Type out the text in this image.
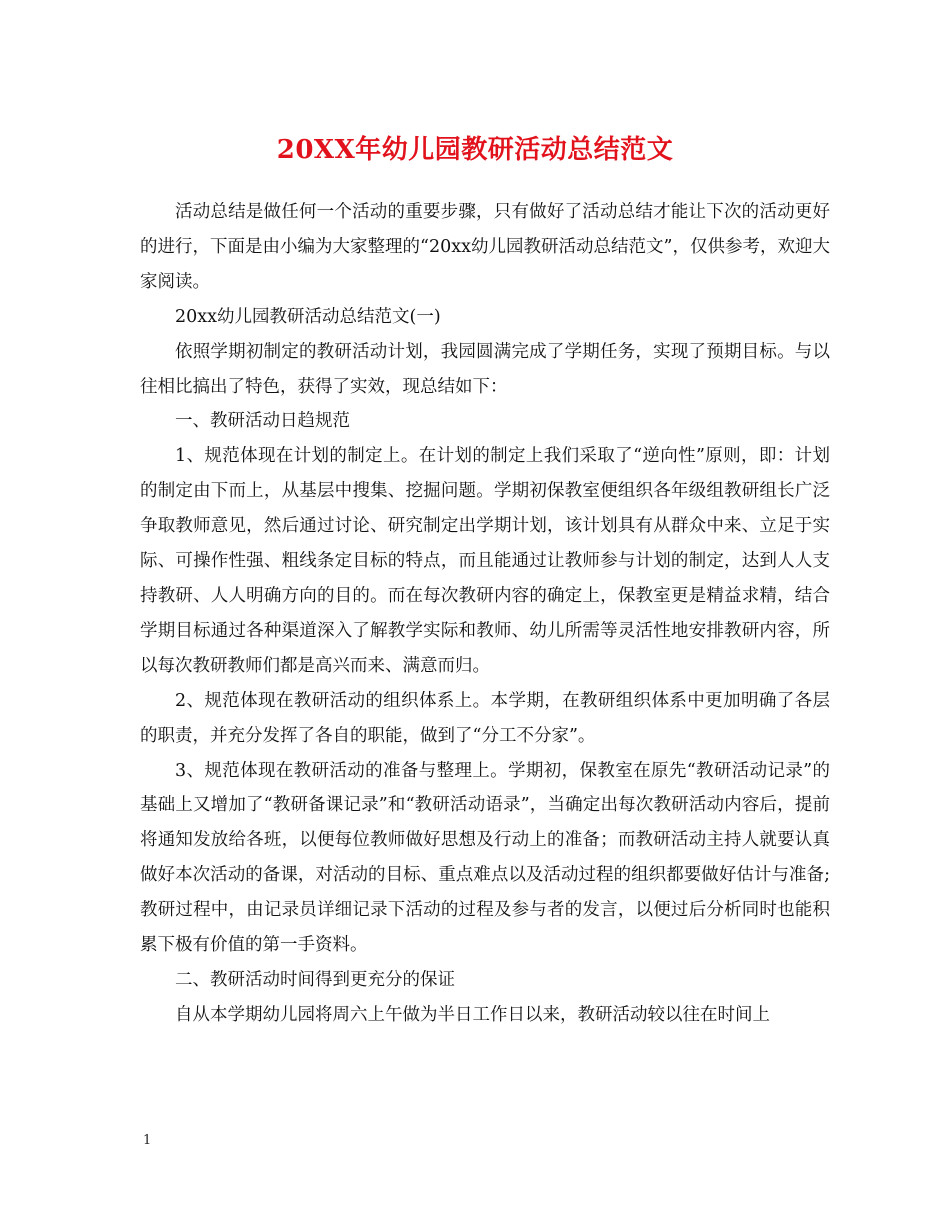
20XX年幼儿园教研活动总结范文

活动总结是做任何一个活动的重要步骤，只有做好了活动总结才能让下次的活动更好的进行，下面是由小编为大家整理的“20xx幼儿园教研活动总结范文”，仅供参考，欢迎大家阅读。

20xx幼儿园教研活动总结范文(一)

依照学期初制定的教研活动计划，我园圆满完成了学期任务，实现了预期目标。与以往相比搞出了特色，获得了实效，现总结如下：

一、教研活动日趋规范

1、规范体现在计划的制定上。在计划的制定上我们采取了“逆向性”原则，即：计划的制定由下而上，从基层中搜集、挖掘问题。学期初保教室便组织各年级组教研组长广泛争取教师意见，然后通过讨论、研究制定出学期计划，该计划具有从群众中来、立足于实际、可操作性强、粗线条定目标的特点，而且能通过让教师参与计划的制定，达到人人支持教研、人人明确方向的目的。而在每次教研内容的确定上，保教室更是精益求精，结合学期目标通过各种渠道深入了解教学实际和教师、幼儿所需等灵活性地安排教研内容，所以每次教研教师们都是高兴而来、满意而归。

2、规范体现在教研活动的组织体系上。本学期，在教研组织体系中更加明确了各层的职责，并充分发挥了各自的职能，做到了“分工不分家”。

3、规范体现在教研活动的准备与整理上。学期初，保教室在原先“教研活动记录”的基础上又增加了“教研备课记录”和“教研活动语录”，当确定出每次教研活动内容后，提前将通知发放给各班，以便每位教师做好思想及行动上的准备；而教研活动主持人就要认真做好本次活动的备课，对活动的目标、重点难点以及活动过程的组织都要做好估计与准备;教研过程中，由记录员详细记录下活动的过程及参与者的发言，以便过后分析同时也能积累下极有价值的第一手资料。

二、教研活动时间得到更充分的保证

自从本学期幼儿园将周六上午做为半日工作日以来，教研活动较以往在时间上

1
